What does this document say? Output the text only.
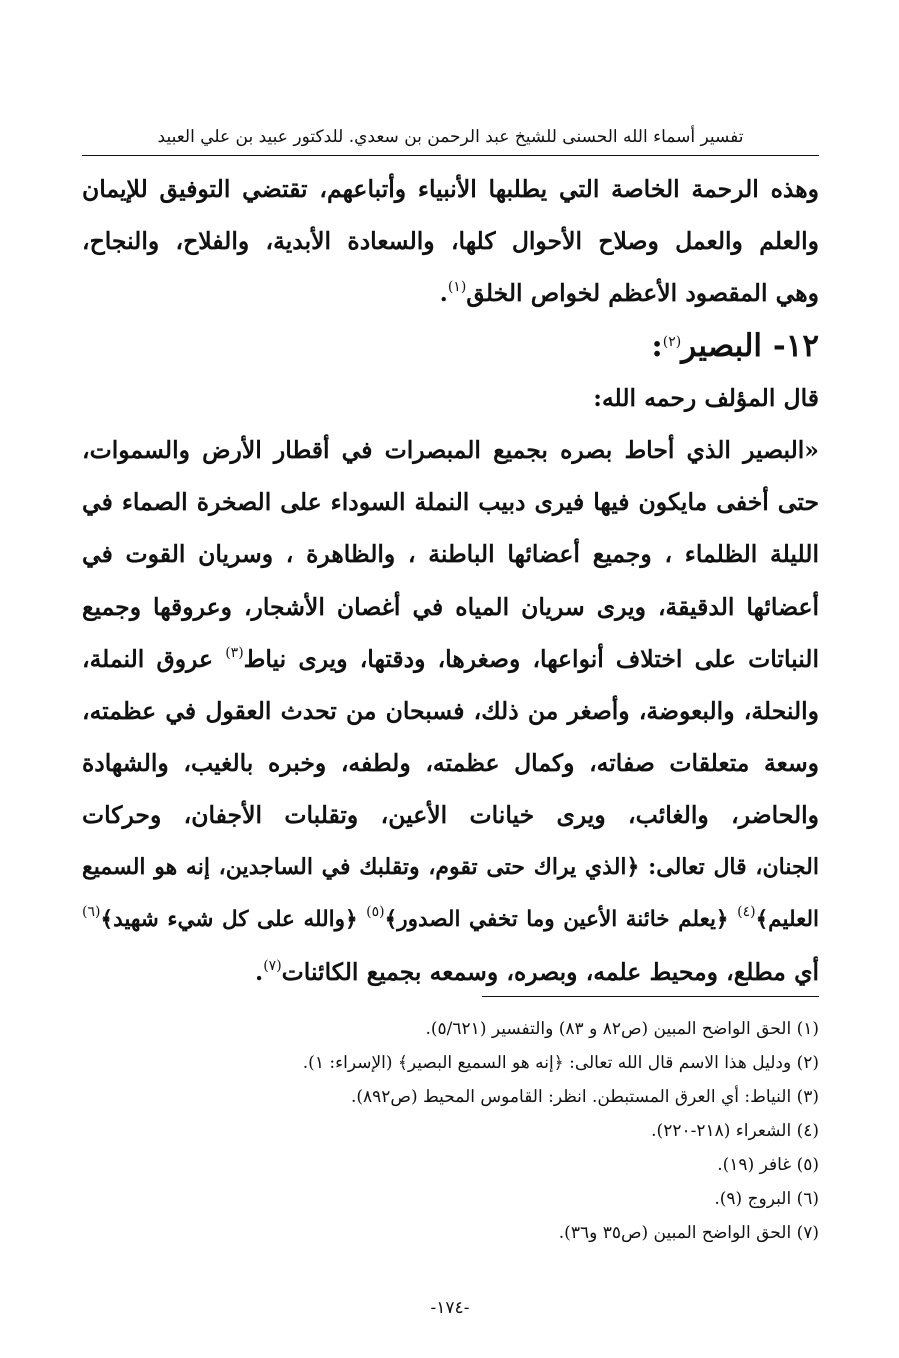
تفسير أسماء الله الحسنى للشيخ عبد الرحمن بن سعدي. للدكتور عبيد بن علي العبيد
وهذه الرحمة الخاصة التي يطلبها الأنبياء وأتباعهم، تقتضي التوفيق للإيمان
والعلم والعمل وصلاح الأحوال كلها، والسعادة الأبدية، والفلاح، والنجاح،
وهي المقصود الأعظم لخواص الخلق$^{(١)}$.
١٢- البصير$^{(٢)}$:
قال المؤلف رحمه الله:
«البصير الذي أحاط بصره بجميع المبصرات في أقطار الأرض والسموات،
حتى أخفى مايكون فيها فيرى دبيب النملة السوداء على الصخرة الصماء في
الليلة الظلماء ، وجميع أعضائها الباطنة ، والظاهرة ، وسريان القوت في
أعضائها الدقيقة، ويرى سريان المياه في أغصان الأشجار، وعروقها وجميع
النباتات على اختلاف أنواعها، وصغرها، ودقتها، ويرى نياط$^{(٣)}$ عروق النملة،
والنحلة، والبعوضة، وأصغر من ذلك، فسبحان من تحدث العقول في عظمته،
وسعة متعلقات صفاته، وكمال عظمته، ولطفه، وخبره بالغيب، والشهادة
والحاضر، والغائب، ويرى خيانات الأعين، وتقلبات الأجفان، وحركات
الجنان، قال تعالى: ﴿الذي يراك حتى تقوم، وتقلبك في الساجدين، إنه هو السميع
العليم﴾$^{(٤)}$ ﴿يعلم خائنة الأعين وما تخفي الصدور﴾$^{(٥)}$ ﴿والله على كل شيء شهيد﴾$^{(٦)}$
أي مطلع، ومحيط علمه، وبصره، وسمعه بجميع الكائنات$^{(٧)}$.
(١) الحق الواضح المبين (ص٨٢ و ٨٣) والتفسير (٥/٦٢١).
(٢) ودليل هذا الاسم قال الله تعالى: ﴿إنه هو السميع البصير﴾ (الإسراء: ١).
(٣) النياط: أي العرق المستبطن. انظر: القاموس المحيط (ص٨٩٢).
(٤) الشعراء (٢١٨-٢٢٠).
(٥) غافر (١٩).
(٦) البروج (٩).
(٧) الحق الواضح المبين (ص٣٥ و٣٦).
-١٧٤-
